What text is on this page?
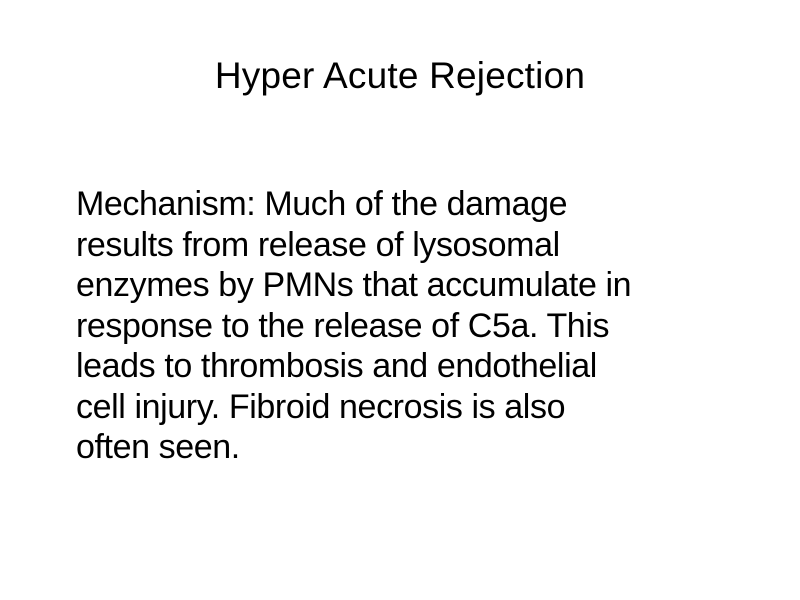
Hyper Acute Rejection
Mechanism: Much of the damage
results from release of lysosomal
enzymes by PMNs that accumulate in
response to the release of C5a. This
leads to thrombosis and endothelial
cell injury. Fibroid necrosis is also
often seen.
